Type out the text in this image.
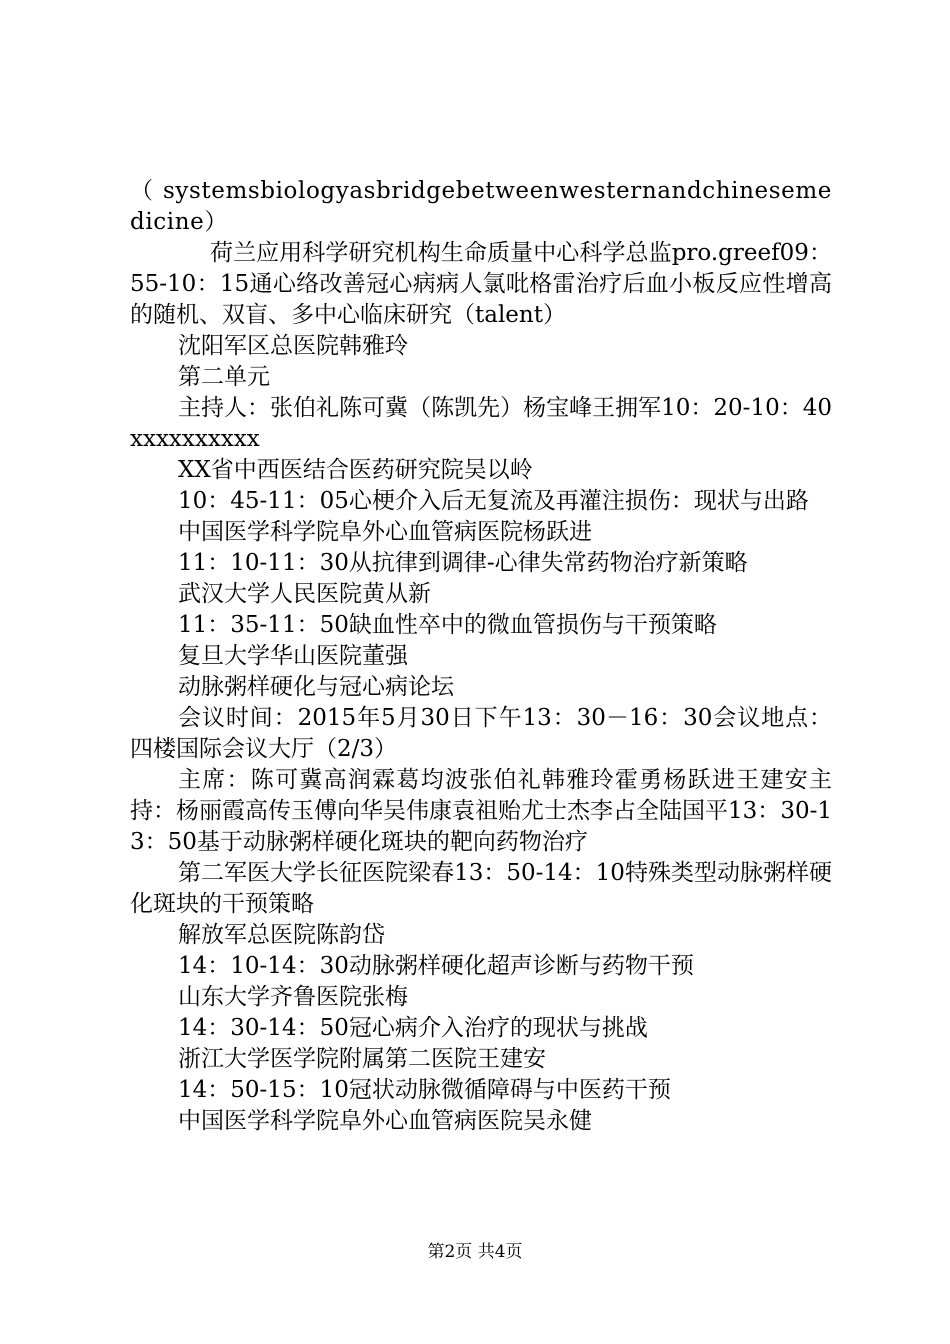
（systemsbiologyasbridgebetweenwesternandchinesemedicine）

荷兰应用科学研究机构生命质量中心科学总监pro.greef09：55-10：15通心络改善冠心病病人氯吡格雷治疗后血小板反应性增高的随机、双盲、多中心临床研究（talent）

沈阳军区总医院韩雅玲

第二单元

主持人：张伯礼陈可冀（陈凯先）杨宝峰王拥军10：20-10：40xxxxxxxxxx

XX省中西医结合医药研究院吴以岭

10：45-11：05心梗介入后无复流及再灌注损伤：现状与出路

中国医学科学院阜外心血管病医院杨跃进

11：10-11：30从抗律到调律-心律失常药物治疗新策略

武汉大学人民医院黄从新

11：35-11：50缺血性卒中的微血管损伤与干预策略

复旦大学华山医院董强

动脉粥样硬化与冠心病论坛

会议时间：2015年5月30日下午13：30－16：30会议地点：四楼国际会议大厅（2/3）

主席：陈可冀高润霖葛均波张伯礼韩雅玲霍勇杨跃进王建安主持：杨丽霞高传玉傅向华吴伟康袁祖贻尤士杰李占全陆国平13：30-13：50基于动脉粥样硬化斑块的靶向药物治疗

第二军医大学长征医院梁春13：50-14：10特殊类型动脉粥样硬化斑块的干预策略

解放军总医院陈韵岱

14：10-14：30动脉粥样硬化超声诊断与药物干预

山东大学齐鲁医院张梅

14：30-14：50冠心病介入治疗的现状与挑战

浙江大学医学院附属第二医院王建安

14：50-15：10冠状动脉微循障碍与中医药干预

中国医学科学院阜外心血管病医院吴永健

第2页 共4页
